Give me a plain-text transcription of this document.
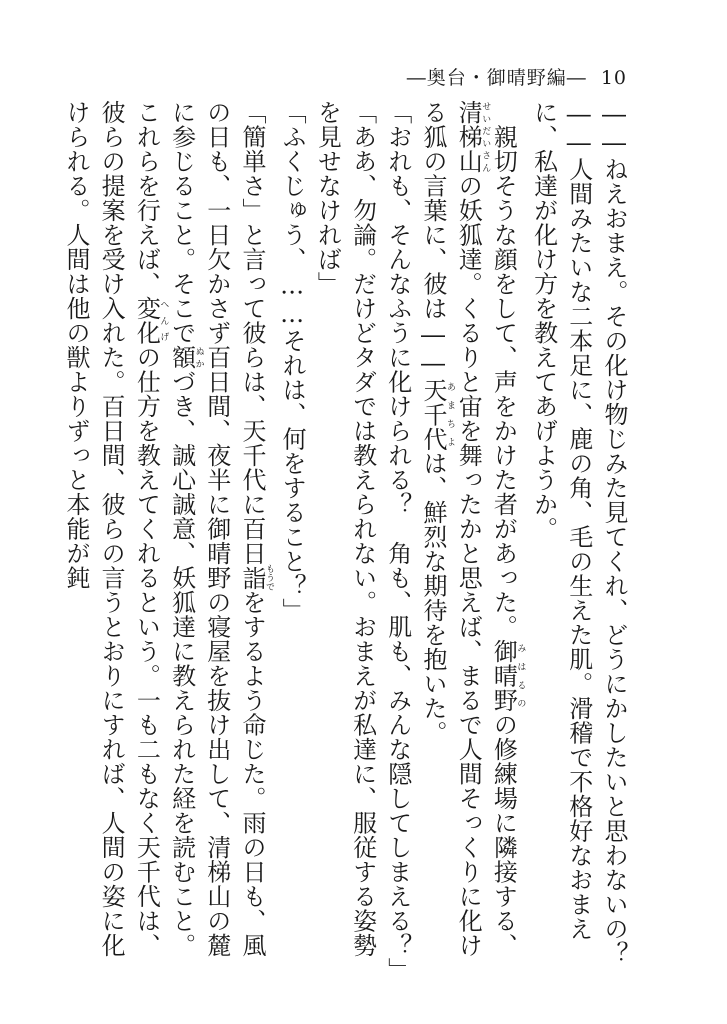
―奥台・御晴野編― 10

――ねえおまえ。その化け物じみた見てくれ、どうにかしたいと思わないの？

――人間みたいな二本足に、鹿の角、毛の生えた肌。滑稽で不格好なおまえに、私達が化け方を教えてあげようか。

　親切そうな顔をして、声をかけた者があった。御晴野みはるのの修練場に隣接する、清梯山せいだいさんの妖狐達。くるりと宙を舞ったかと思えば、まるで人間そっくりに化ける狐の言葉に、彼は――天千代あまちよは、鮮烈な期待を抱いた。

「おれも、そんなふうに化けられる？　角も、肌も、みんな隠してしまえる？」

「ああ、勿論。だけどタダでは教えられない。おまえが私達に、服従する姿勢を見せなければ」

「ふくじゅう、……それは、何をすること？」

「簡単さ」と言って彼らは、天千代に百日詣もうでをするよう命じた。雨の日も、風の日も、一日欠かさず百日間、夜半に御晴野の寝屋を抜け出して、清梯山の麓に参じること。そこで額ぬかづき、誠心誠意、妖狐達に教えられた経を読むこと。これらを行えば、変化へんげの仕方を教えてくれるという。一も二もなく天千代は、彼らの提案を受け入れた。百日間、彼らの言うとおりにすれば、人間の姿に化けられる。人間は他の獣よりずっと本能が鈍
